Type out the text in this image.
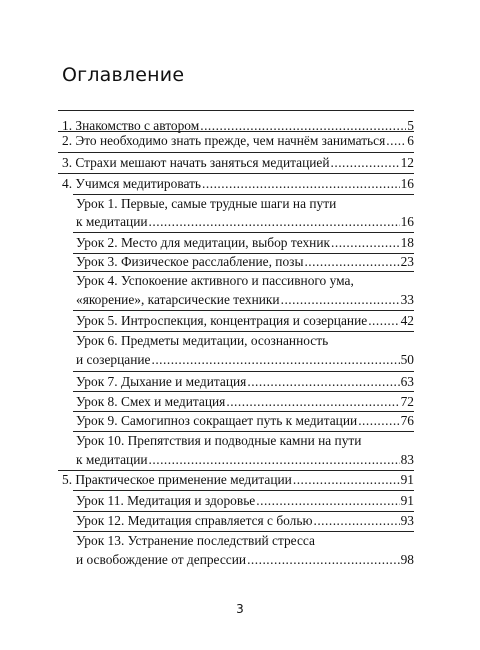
Оглавление
1. Знакомство с автором .....	5
2. Это необходимо знать прежде, чем начнём заниматься ..... 6
3. Страхи мешают начать заняться медитацией .....	12
4. Учимся медитировать .....	16
Урок 1. Первые, самые трудные шаги на пути
к медитации .....	16
Урок 2. Место для медитации, выбор техник .....	18
Урок 3. Физическое расслабление, позы .....	23
Урок 4. Успокоение активного и пассивного ума,
«якорение», катарсические техники .....	33
Урок 5. Интроспекция, концентрация и созерцание ..... 42
Урок 6. Предметы медитации, осознанность
и созерцание .....	50
Урок 7. Дыхание и медитация .....	63
Урок 8. Смех и медитация .....	72
Урок 9. Самогипноз сокращает путь к медитации .....	76
Урок 10. Препятствия и подводные камни на пути
к медитации .....	83
5. Практическое применение медитации .....	91
Урок 11. Медитация и здоровье .....	91
Урок 12. Медитация справляется с болью .....	93
Урок 13. Устранение последствий стресса
и освобождение от депрессии .....	98
3
